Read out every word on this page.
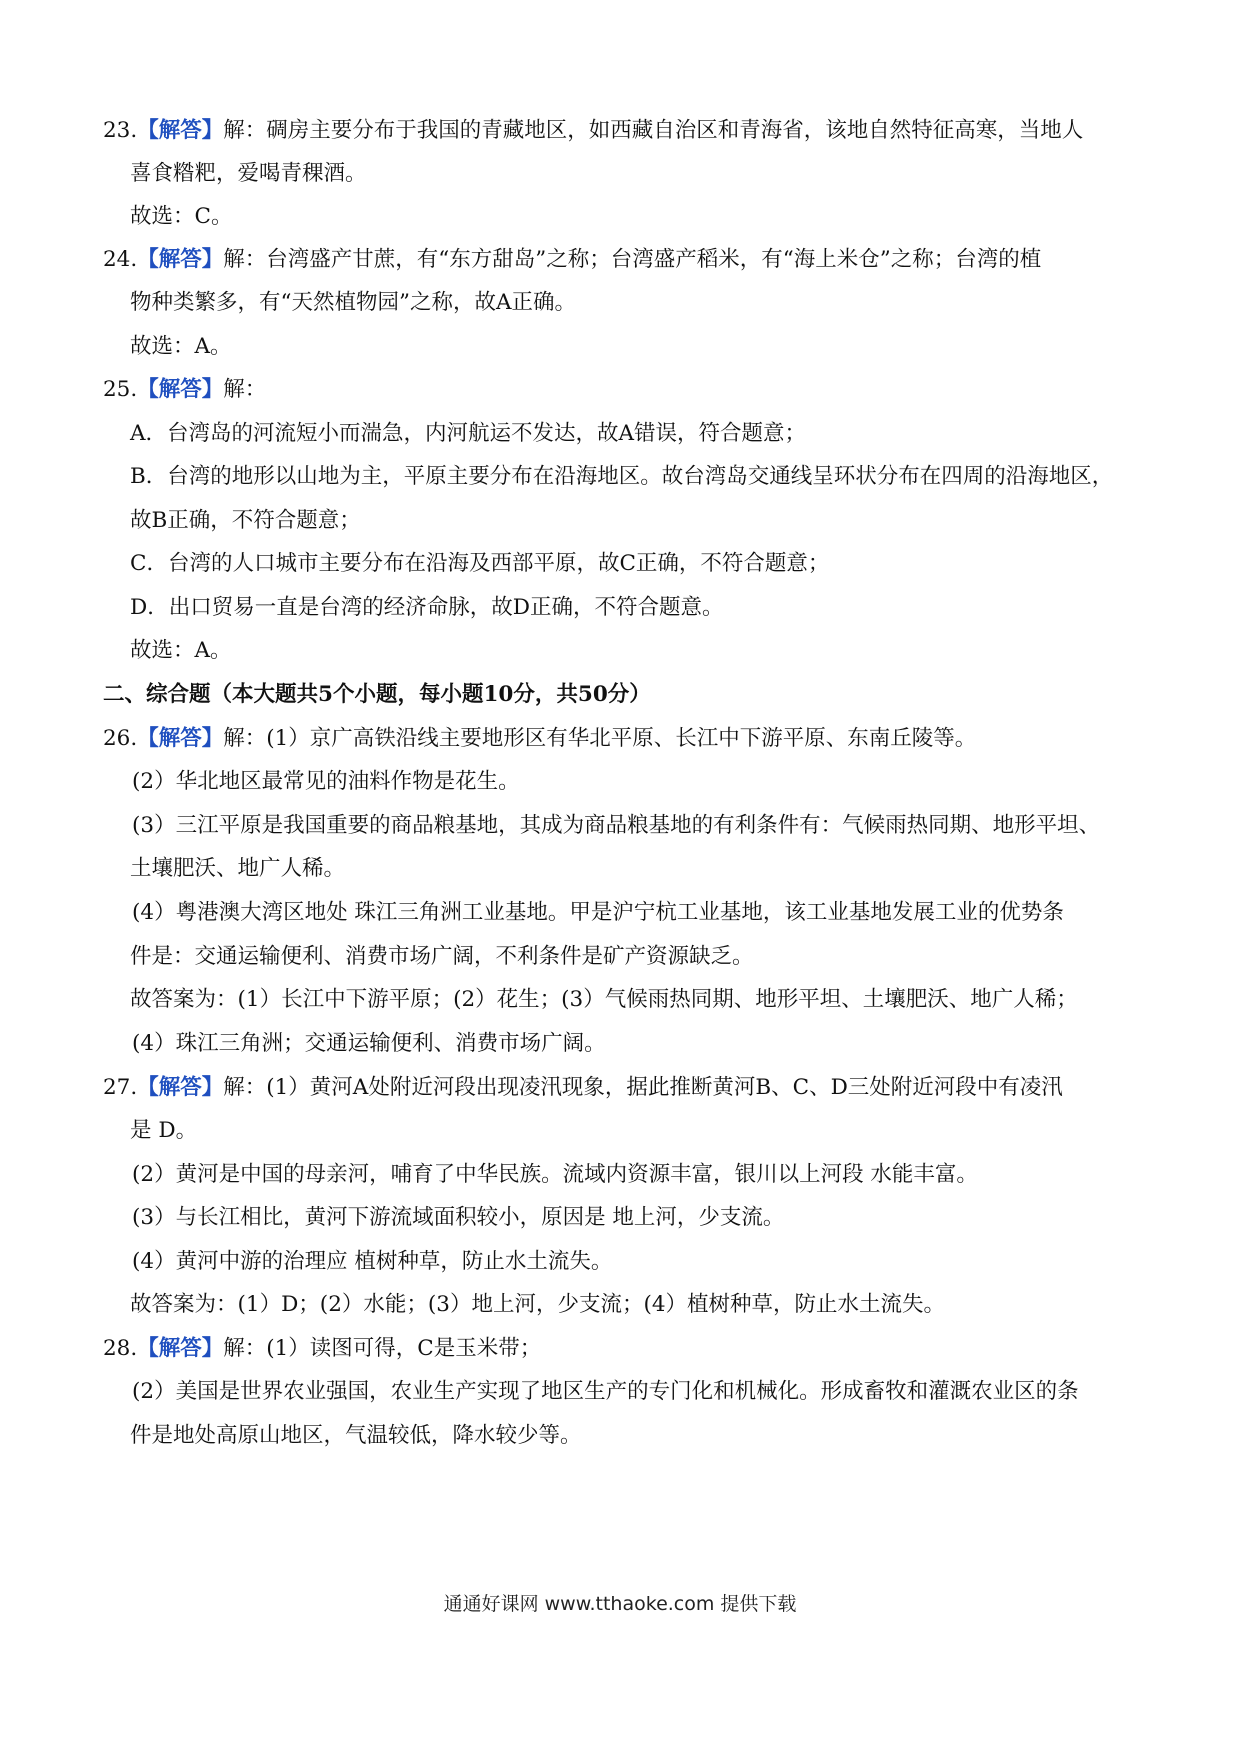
23.【解答】解：碉房主要分布于我国的青藏地区，如西藏自治区和青海省，该地自然特征高寒，当地人
喜食糌粑，爱喝青稞酒。
故选：C。
24.【解答】解：台湾盛产甘蔗，有“东方甜岛”之称；台湾盛产稻米，有“海上米仓”之称；台湾的植
物种类繁多，有“天然植物园”之称，故A正确。
故选：A。
25.【解答】解：
A．台湾岛的河流短小而湍急，内河航运不发达，故A错误，符合题意；
B．台湾的地形以山地为主，平原主要分布在沿海地区。故台湾岛交通线呈环状分布在四周的沿海地区，
故B正确，不符合题意；
C．台湾的人口城市主要分布在沿海及西部平原，故C正确，不符合题意；
D．出口贸易一直是台湾的经济命脉，故D正确，不符合题意。
故选：A。
二、综合题（本大题共5个小题，每小题10分，共50分）
26.【解答】解：(1）京广高铁沿线主要地形区有华北平原、长江中下游平原、东南丘陵等。
(2）华北地区最常见的油料作物是花生。
(3）三江平原是我国重要的商品粮基地，其成为商品粮基地的有利条件有：气候雨热同期、地形平坦、
土壤肥沃、地广人稀。
(4）粤港澳大湾区地处 珠江三角洲工业基地。甲是沪宁杭工业基地，该工业基地发展工业的优势条
件是：交通运输便利、消费市场广阔，不利条件是矿产资源缺乏。
故答案为：(1）长江中下游平原；(2）花生；(3）气候雨热同期、地形平坦、土壤肥沃、地广人稀；
(4）珠江三角洲；交通运输便利、消费市场广阔。
27.【解答】解：(1）黄河A处附近河段出现凌汛现象，据此推断黄河B、C、D三处附近河段中有凌汛
是 D。
(2）黄河是中国的母亲河，哺育了中华民族。流域内资源丰富，银川以上河段 水能丰富。
(3）与长江相比，黄河下游流域面积较小，原因是 地上河，少支流。
(4）黄河中游的治理应 植树种草，防止水土流失。
故答案为：(1）D；(2）水能；(3）地上河，少支流；(4）植树种草，防止水土流失。
28.【解答】解：(1）读图可得，C是玉米带；
(2）美国是世界农业强国，农业生产实现了地区生产的专门化和机械化。形成畜牧和灌溉农业区的条
件是地处高原山地区，气温较低，降水较少等。
通通好课网 www.tthaoke.com 提供下载
